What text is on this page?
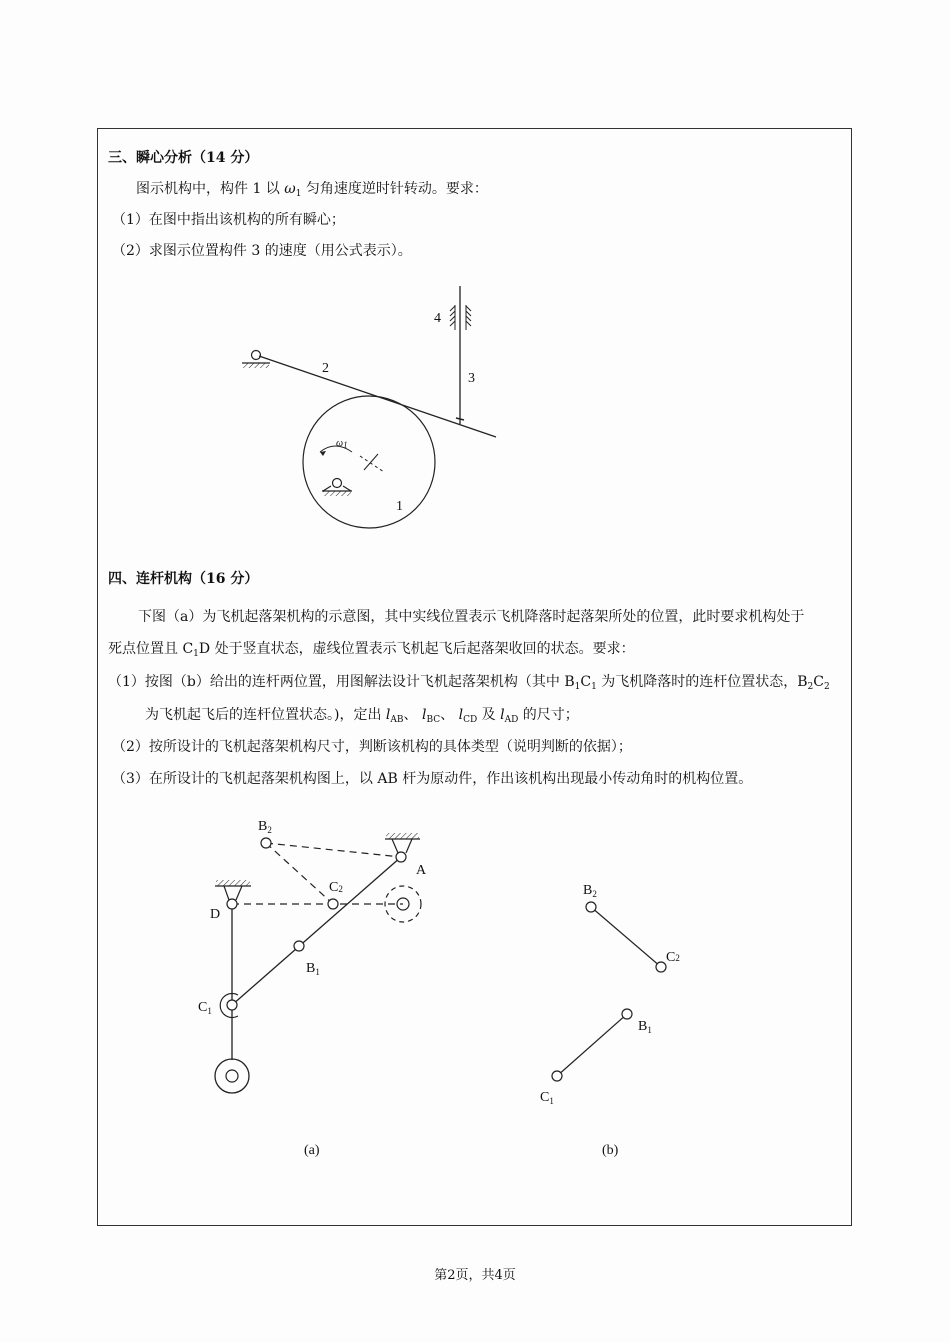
三、瞬心分析（14 分）
图示机构中，构件 1 以 $\omega_1$ 匀角速度逆时针转动。要求：
（1）在图中指出该机构的所有瞬心；
（2）求图示位置构件 3 的速度（用公式表示）。
四、连杆机构（16 分）
下图（a）为飞机起落架机构的示意图，其中实线位置表示飞机降落时起落架所处的位置，此时要求机构处于
死点位置且 $C_1D$ 处于竖直状态，虚线位置表示飞机起飞后起落架收回的状态。要求：
（1）按图（b）给出的连杆两位置，用图解法设计飞机起落架机构（其中 $B_1C_1$ 为飞机降落时的连杆位置状态，$B_2C_2$
为飞机起飞后的连杆位置状态。)，定出 $l_{AB}$、 $l_{BC}$、 $l_{CD}$ 及 $l_{AD}$ 的尺寸；
（2）按所设计的飞机起落架机构尺寸，判断该机构的具体类型（说明判断的依据）；
（3）在所设计的飞机起落架机构图上，以 AB 杆为原动件，作出该机构出现最小传动角时的机构位置。
4
3
2
1
ω1
$B_2$
A
C2
D
$B_1$
$C_1$
(a)
$B_2$
C2
$B_1$
$C_1$
(b)
第2页，共4页
